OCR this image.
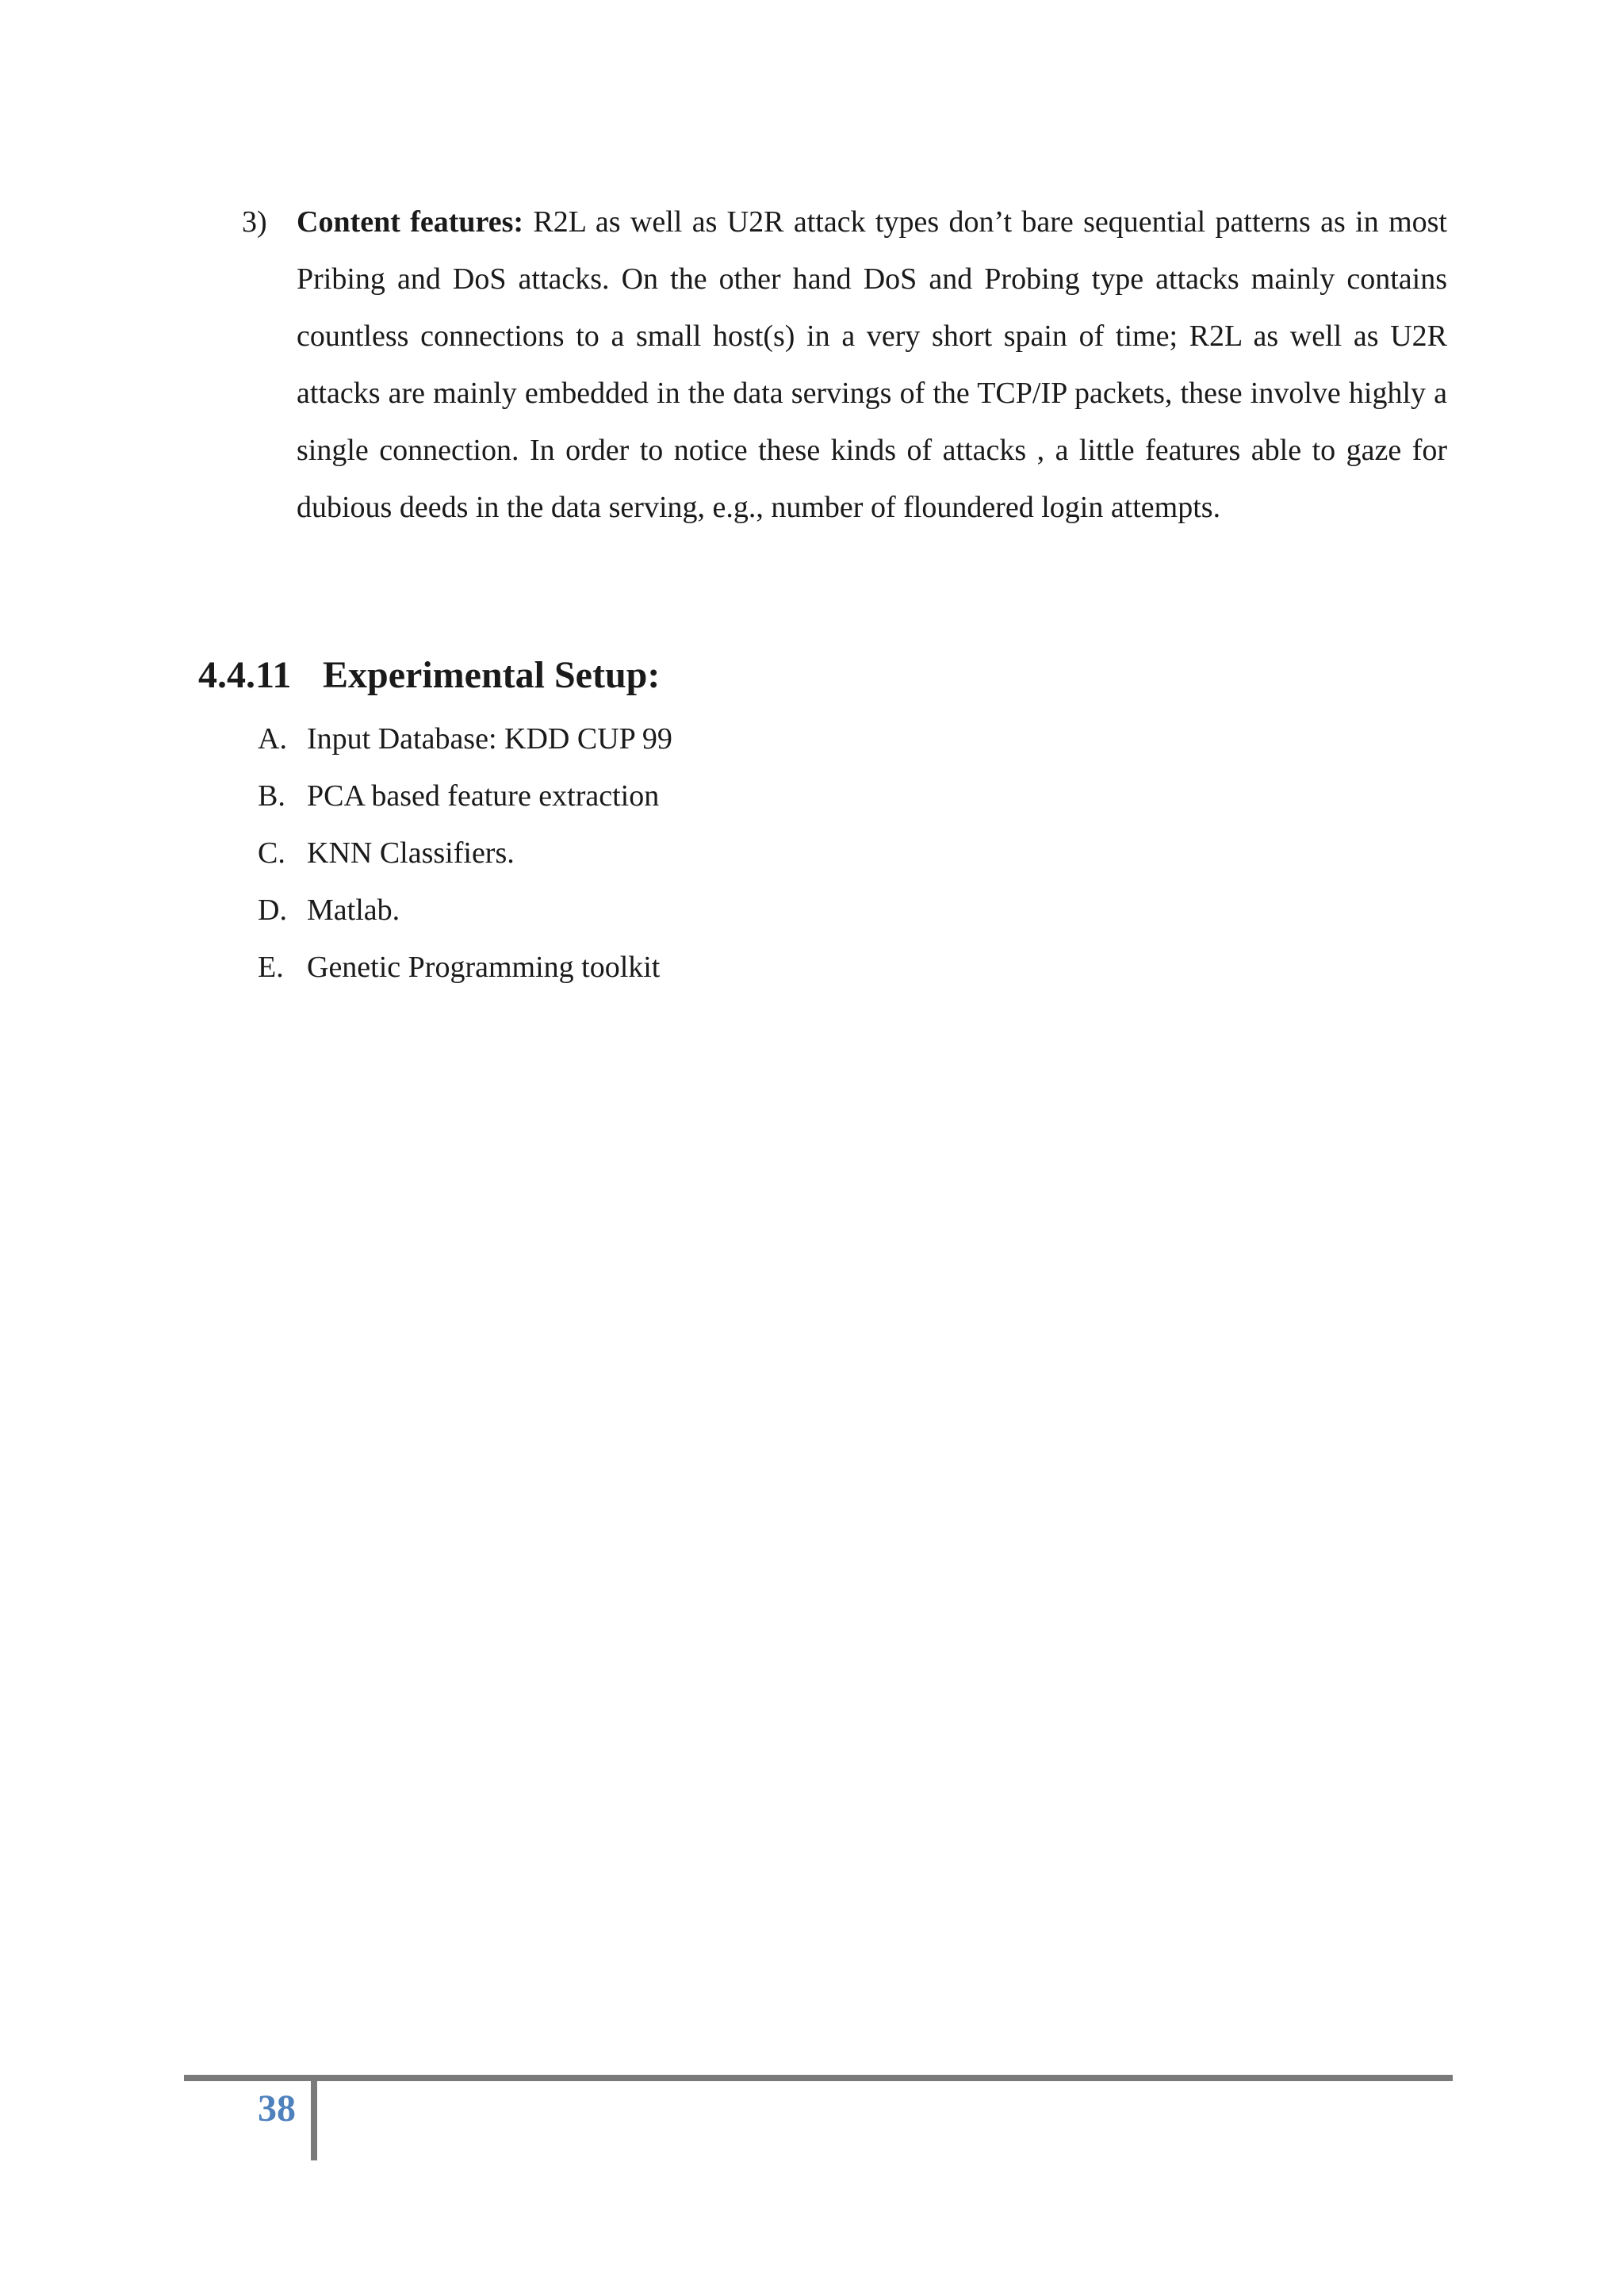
3) Content features: R2L as well as U2R attack types don’t bare sequential patterns as in most Pribing and DoS attacks. On the other hand DoS and Probing type attacks mainly contains countless connections to a small host(s) in a very short spain of time; R2L as well as U2R attacks are mainly embedded in the data servings of the TCP/IP packets, these involve highly a single connection. In order to notice these kinds of attacks , a little features able to gaze for dubious deeds in the data serving, e.g., number of floundered login attempts.
4.4.11 Experimental Setup:
A. Input Database: KDD CUP 99
B. PCA based feature extraction
C. KNN Classifiers.
D. Matlab.
E. Genetic Programming toolkit
38
